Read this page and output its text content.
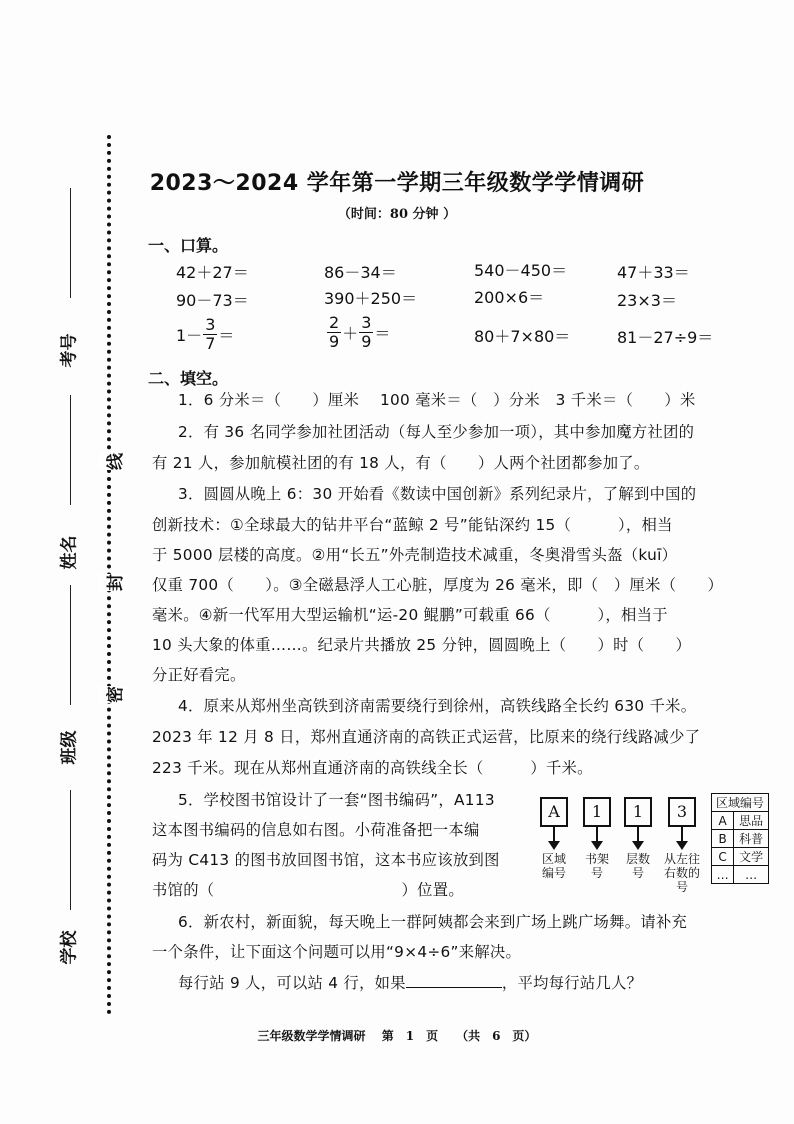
考号
姓名
班级
学校
线
封
密
2023～2024 学年第一学期三年级数学学情调研
（时间：80 分钟 ）
一、口算。
42＋27＝	86－34＝	540－450＝	47＋33＝
90－73＝	390＋250＝	200×6＝	23×3＝
$1- \frac{3}{7}$ ＝	$\frac{2}{9} + \frac{3}{9}$ ＝	80＋7×80＝	81－27÷9＝
二、填空。
1．6 分米＝（　　）厘米　 100 毫米＝（　）分米　3 千米＝（　　）米
2．有 36 名同学参加社团活动（每人至少参加一项），其中参加魔方社团的
有 21 人，参加航模社团的有 18 人，有（　　）人两个社团都参加了。
3．圆圆从晚上 6：30 开始看《数读中国创新》系列纪录片，了解到中国的
创新技术：①全球最大的钻井平台“蓝鲸 2 号”能钻深约 15（　　　），相当
于 5000 层楼的高度。②用“长五”外壳制造技术减重，冬奥滑雪头盔（kuī）
仅重 700（　　）。③全磁悬浮人工心脏，厚度为 26 毫米，即（　）厘米（　　）
毫米。④新一代军用大型运输机“运-20 鲲鹏”可载重 66（　　　），相当于
10 头大象的体重……。纪录片共播放 25 分钟，圆圆晚上（　　）时（　　）
分正好看完。
4．原来从郑州坐高铁到济南需要绕行到徐州，高铁线路全长约 630 千米。
2023 年 12 月 8 日，郑州直通济南的高铁正式运营，比原来的绕行线路减少了
223 千米。现在从郑州直通济南的高铁线全长（　　　）千米。
5．学校图书馆设计了一套“图书编码”，A113
这本图书编码的信息如右图。小荷准备把一本编
码为 C413 的图书放回图书馆，这本书应该放到图
书馆的（　　　　　　　　　　　　）位置。
A	1	1	3
区域编号
书架号
层数号
从左往右数的号
区域编号	
A	思品
B	科普
C	文学
…	…
6．新农村，新面貌，每天晚上一群阿姨都会来到广场上跳广场舞。请补充
一个条件，让下面这个问题可以用“9×4÷6”来解决。
每行站 9 人，可以站 4 行，如果	，平均每行站几人？
三年级数学学情调研　 第　1　页　　（共　6　页）
